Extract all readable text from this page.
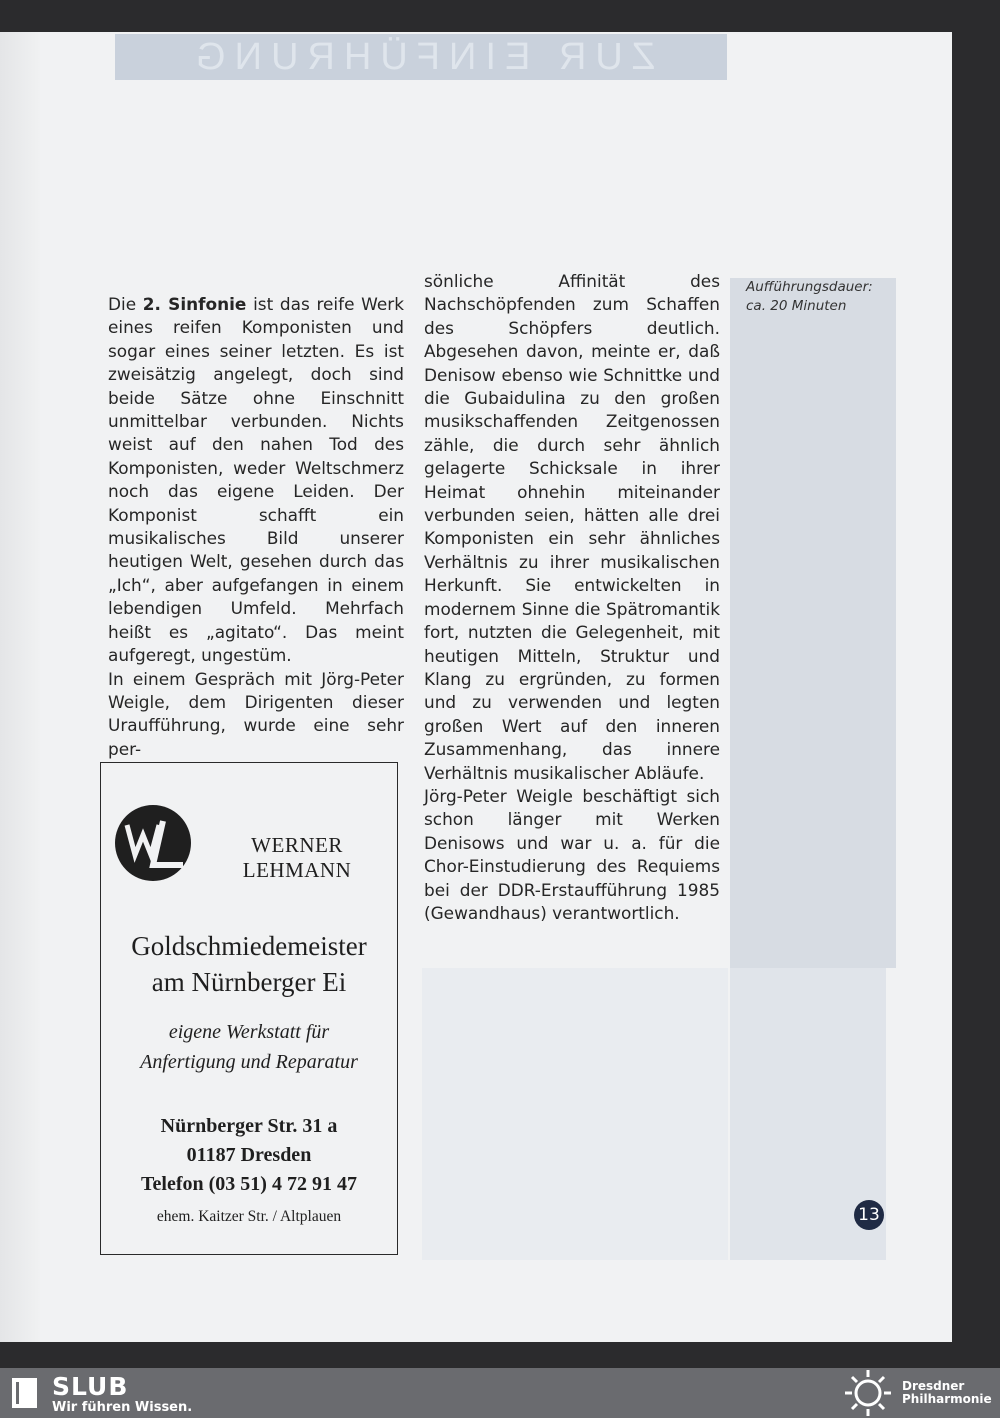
ZUR EINFÜHRUNG
Aufführungsdauer:
ca. 20 Minuten

Die 2. Sinfonie ist das reife Werk eines reifen Komponisten und sogar eines seiner letzten. Es ist zweisätzig angelegt, doch sind beide Sätze ohne Einschnitt unmittelbar verbunden. Nichts weist auf den nahen Tod des Komponisten, weder Weltschmerz noch das eigene Leiden. Der Komponist schafft ein musikalisches Bild unserer heutigen Welt, gesehen durch das „Ich“, aber aufgefangen in einem lebendigen Umfeld. Mehrfach heißt es „agitato“. Das meint aufgeregt, ungestüm.

In einem Gespräch mit Jörg-Peter Weigle, dem Dirigenten dieser Uraufführung, wurde eine sehr per-

sönliche Affinität des Nachschöpfenden zum Schaffen des Schöpfers deutlich. Abgesehen davon, meinte er, daß Denisow ebenso wie Schnittke und die Gubaidulina zu den großen musikschaffenden Zeitgenossen zähle, die durch sehr ähnlich gelagerte Schicksale in ihrer Heimat ohnehin miteinander verbunden seien, hätten alle drei Komponisten ein sehr ähnliches Verhältnis zu ihrer musikalischen Herkunft. Sie entwickelten in modernem Sinne die Spätromantik fort, nutzten die Gelegenheit, mit heutigen Mitteln, Struktur und Klang zu ergründen, zu formen und zu verwenden und legten großen Wert auf den inneren Zusammenhang, das innere Verhältnis musikalischer Abläufe.

Jörg-Peter Weigle beschäftigt sich schon länger mit Werken Denisows und war u. a. für die Chor-Einstudierung des Requiems bei der DDR-Erstaufführung 1985 (Gewandhaus) verantwortlich.

WERNER LEHMANN
Goldschmiedemeister
am Nürnberger Ei
eigene Werkstatt für
Anfertigung und Reparatur
Nürnberger Str. 31 a
01187 Dresden
Telefon (03 51) 4 72 91 47
ehem. Kaitzer Str. / Altplauen	13
SLUB
Wir führen Wissen.
Dresdner
Philharmonie
